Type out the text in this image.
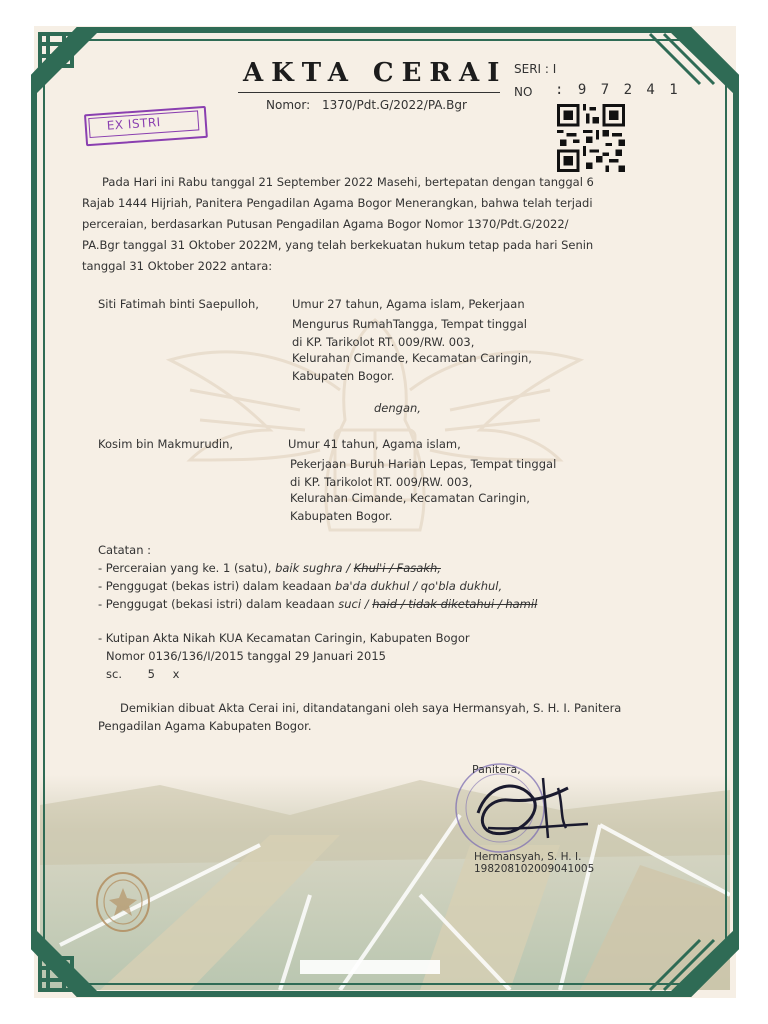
AKTA CERAI SERI : I
NO : 9 7 2 4 1
Nomor: 1370/Pdt.G/2022/PA.Bgr
EX ISTRI
Pada Hari ini Rabu tanggal 21 September 2022 Masehi, bertepatan dengan tanggal 6
Rajab 1444 Hijriah, Panitera Pengadilan Agama Bogor Menerangkan, bahwa telah terjadi
perceraian, berdasarkan Putusan Pengadilan Agama Bogor Nomor 1370/Pdt.G/2022/
PA.Bgr tanggal 31 Oktober 2022M, yang telah berkekuatan hukum tetap pada hari Senin
tanggal 31 Oktober 2022 antara:
Siti Fatimah binti Saepulloh,	Umur 27 tahun, Agama islam, Pekerjaan
Mengurus RumahTangga, Tempat tinggal
di KP. Tarikolot RT. 009/RW. 003,
Kelurahan Cimande, Kecamatan Caringin,
Kabupaten Bogor.
dengan,
Kosim bin Makmurudin,	Umur 41 tahun, Agama islam,
Pekerjaan Buruh Harian Lepas, Tempat tinggal
di KP. Tarikolot RT. 009/RW. 003,
Kelurahan Cimande, Kecamatan Caringin,
Kabupaten Bogor.
Catatan :
- Perceraian yang ke. 1 (satu), baik sughra / Khul'i / Fasakh,
- Penggugat (bekas istri) dalam keadaan ba'da dukhul / qo'bla dukhul,
- Penggugat (bekasi istri) dalam keadaan suci / haid / tidak diketahui / hamil
- Kutipan Akta Nikah KUA Kecamatan Caringin, Kabupaten Bogor
Nomor 0136/136/I/2015 tanggal 29 Januari 2015
sc. 5 x
Demikian dibuat Akta Cerai ini, ditandatangani oleh saya Hermansyah, S. H. I. Panitera
Pengadilan Agama Kabupaten Bogor.
Panitera,
Hermansyah, S. H. I.
198208102009041005
